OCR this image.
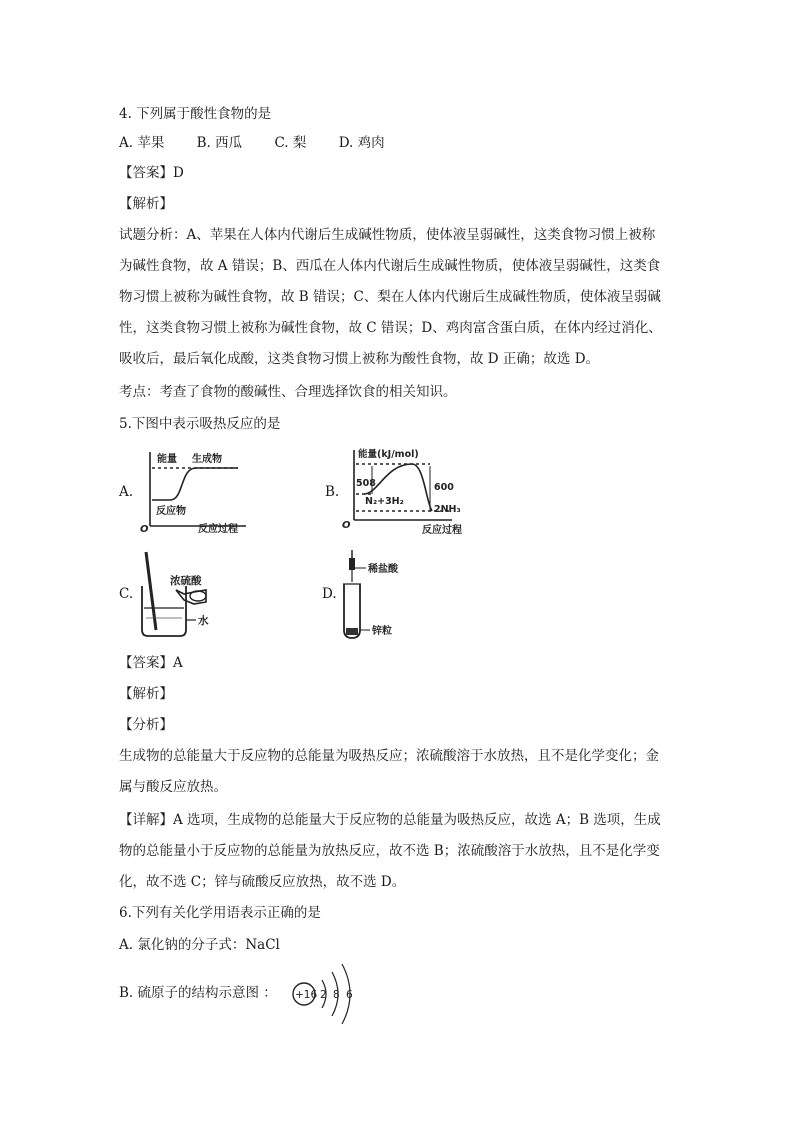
4. 下列属于酸性食物的是
A. 苹果 B. 西瓜 C. 梨 D. 鸡肉
【答案】D
【解析】
试题分析：A、苹果在人体内代谢后生成碱性物质，使体液呈弱碱性，这类食物习惯上被称
为碱性食物，故 A 错误；B、西瓜在人体内代谢后生成碱性物质，使体液呈弱碱性，这类食
物习惯上被称为碱性食物，故 B 错误；C、梨在人体内代谢后生成碱性物质，使体液呈弱碱
性，这类食物习惯上被称为碱性食物，故 C 错误；D、鸡肉富含蛋白质，在体内经过消化、
吸收后，最后氧化成酸，这类食物习惯上被称为酸性食物，故 D 正确；故选 D。
考点：考查了食物的酸碱性、合理选择饮食的相关知识。
5.下图中表示吸热反应的是
A.
能量 生成物
反应物
O	反应过程
B.
能量(kJ/mol)
508	600
N₂+3H₂
2NH₃
O	反应过程
C.
浓硫酸
水
D.
稀盐酸
锌粒
【答案】A
【解析】
【分析】
生成物的总能量大于反应物的总能量为吸热反应；浓硫酸溶于水放热，且不是化学变化；金
属与酸反应放热。
【详解】A 选项，生成物的总能量大于反应物的总能量为吸热反应，故选 A；B 选项，生成
物的总能量小于反应物的总能量为放热反应，故不选 B；浓硫酸溶于水放热，且不是化学变
化，故不选 C；锌与硫酸反应放热，故不选 D。
6.下列有关化学用语表示正确的是
A. 氯化钠的分子式：NaCl
B. 硫原子的结构示意图 ： +16 2 8 6
